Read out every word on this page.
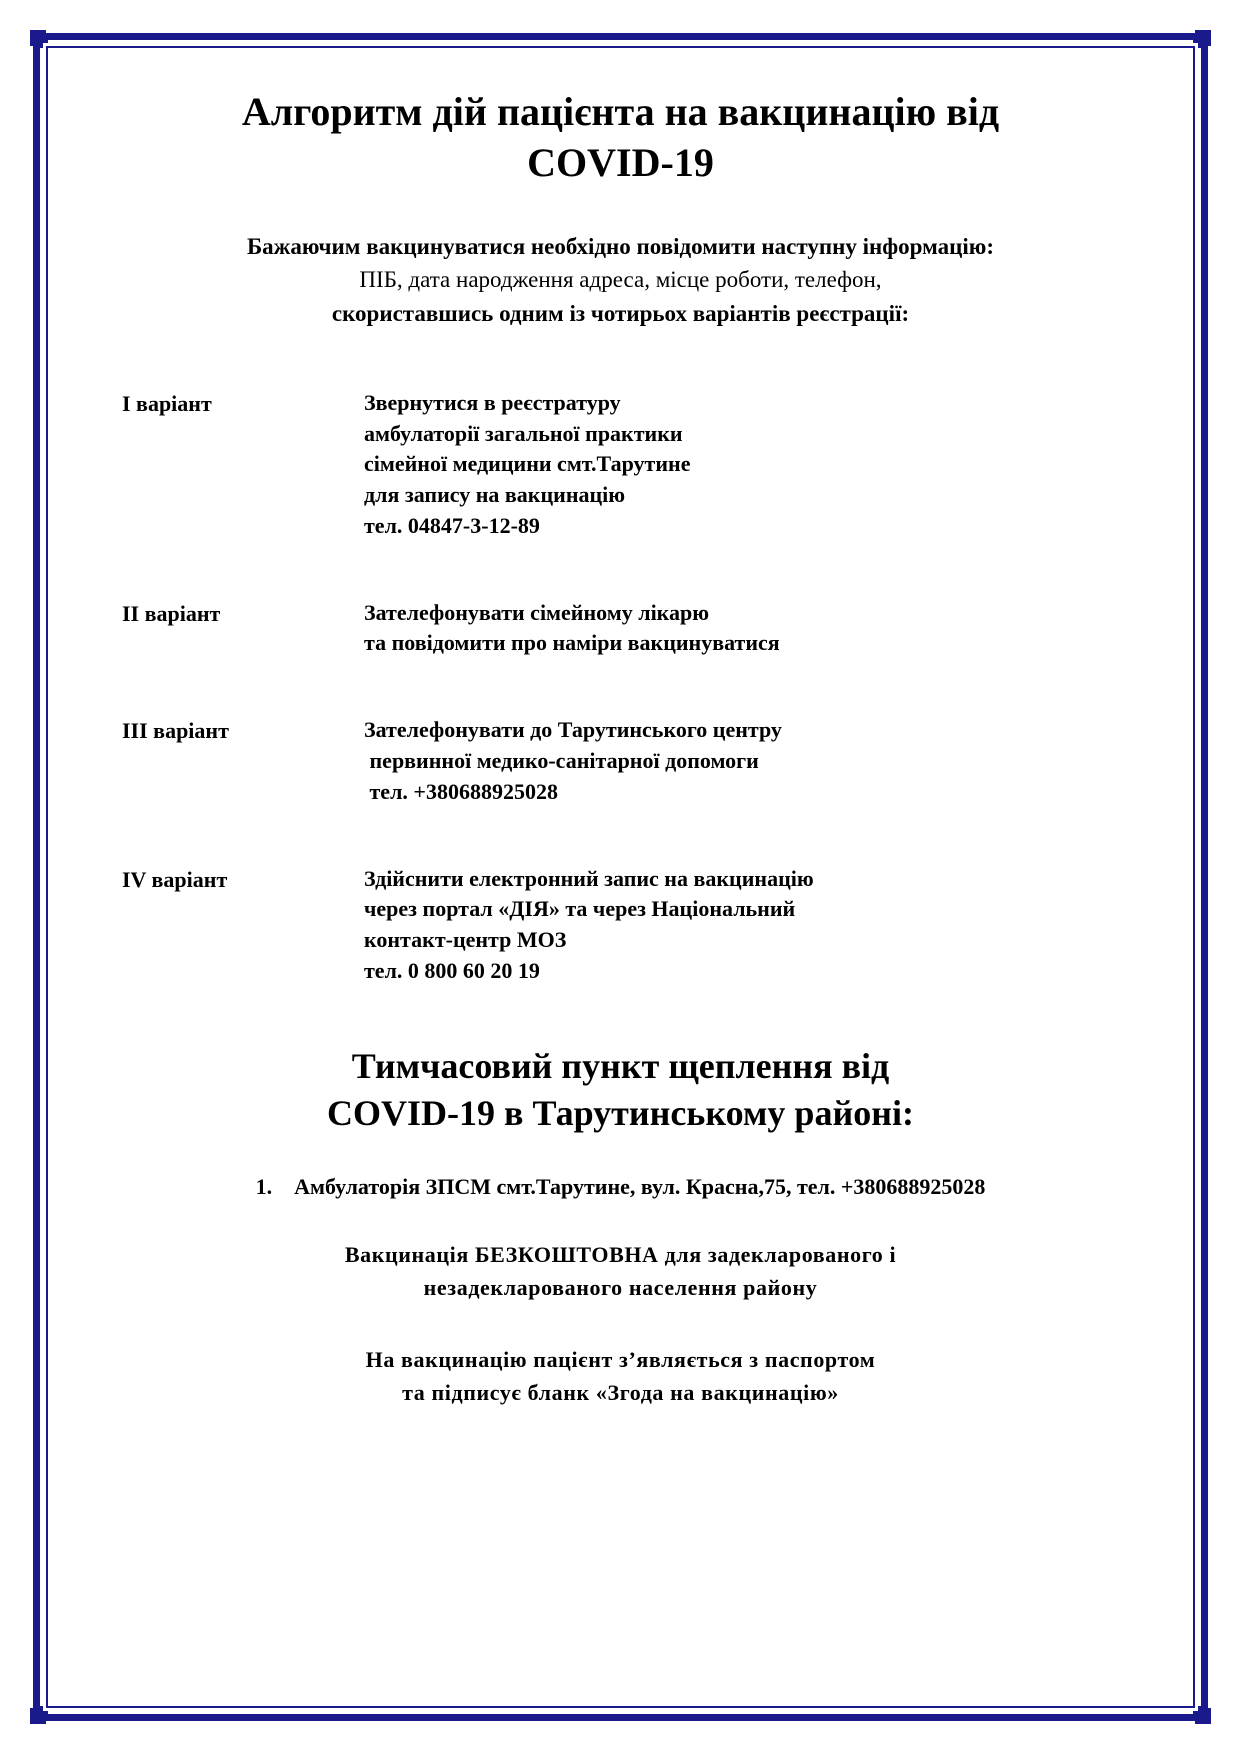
Алгоритм дій пацієнта на вакцинацію від
COVID-19
Бажаючим вакцинуватися необхідно повідомити наступну інформацію:
ПІБ, дата народження адреса, місце роботи, телефон,
скориставшись одним із чотирьох варіантів реєстрації:
I варіант	Звернутися в реєстратуру
амбулаторії загальної практики
сімейної медицини смт.Тарутине
для запису на вакцинацію
тел. 04847-3-12-89
II варіант	Зателефонувати сімейному лікарю
та повідомити про наміри вакцинуватися
III варіант	Зателефонувати до Тарутинського центру
первинної медико-санітарної допомоги
тел. +380688925028
IV варіант	Здійснити електронний запис на вакцинацію
через портал «ДІЯ» та через Національний
контакт-центр МОЗ
тел. 0 800 60 20 19
Тимчасовий пункт щеплення від
COVID-19 в Тарутинському районі:
1. Амбулаторія ЗПСМ смт.Тарутине, вул. Красна,75, тел. +380688925028
Вакцинація БЕЗКОШТОВНА для задекларованого і
незадекларованого населення району
На вакцинацію пацієнт з’являється з паспортом
та підписує бланк «Згода на вакцинацію»
